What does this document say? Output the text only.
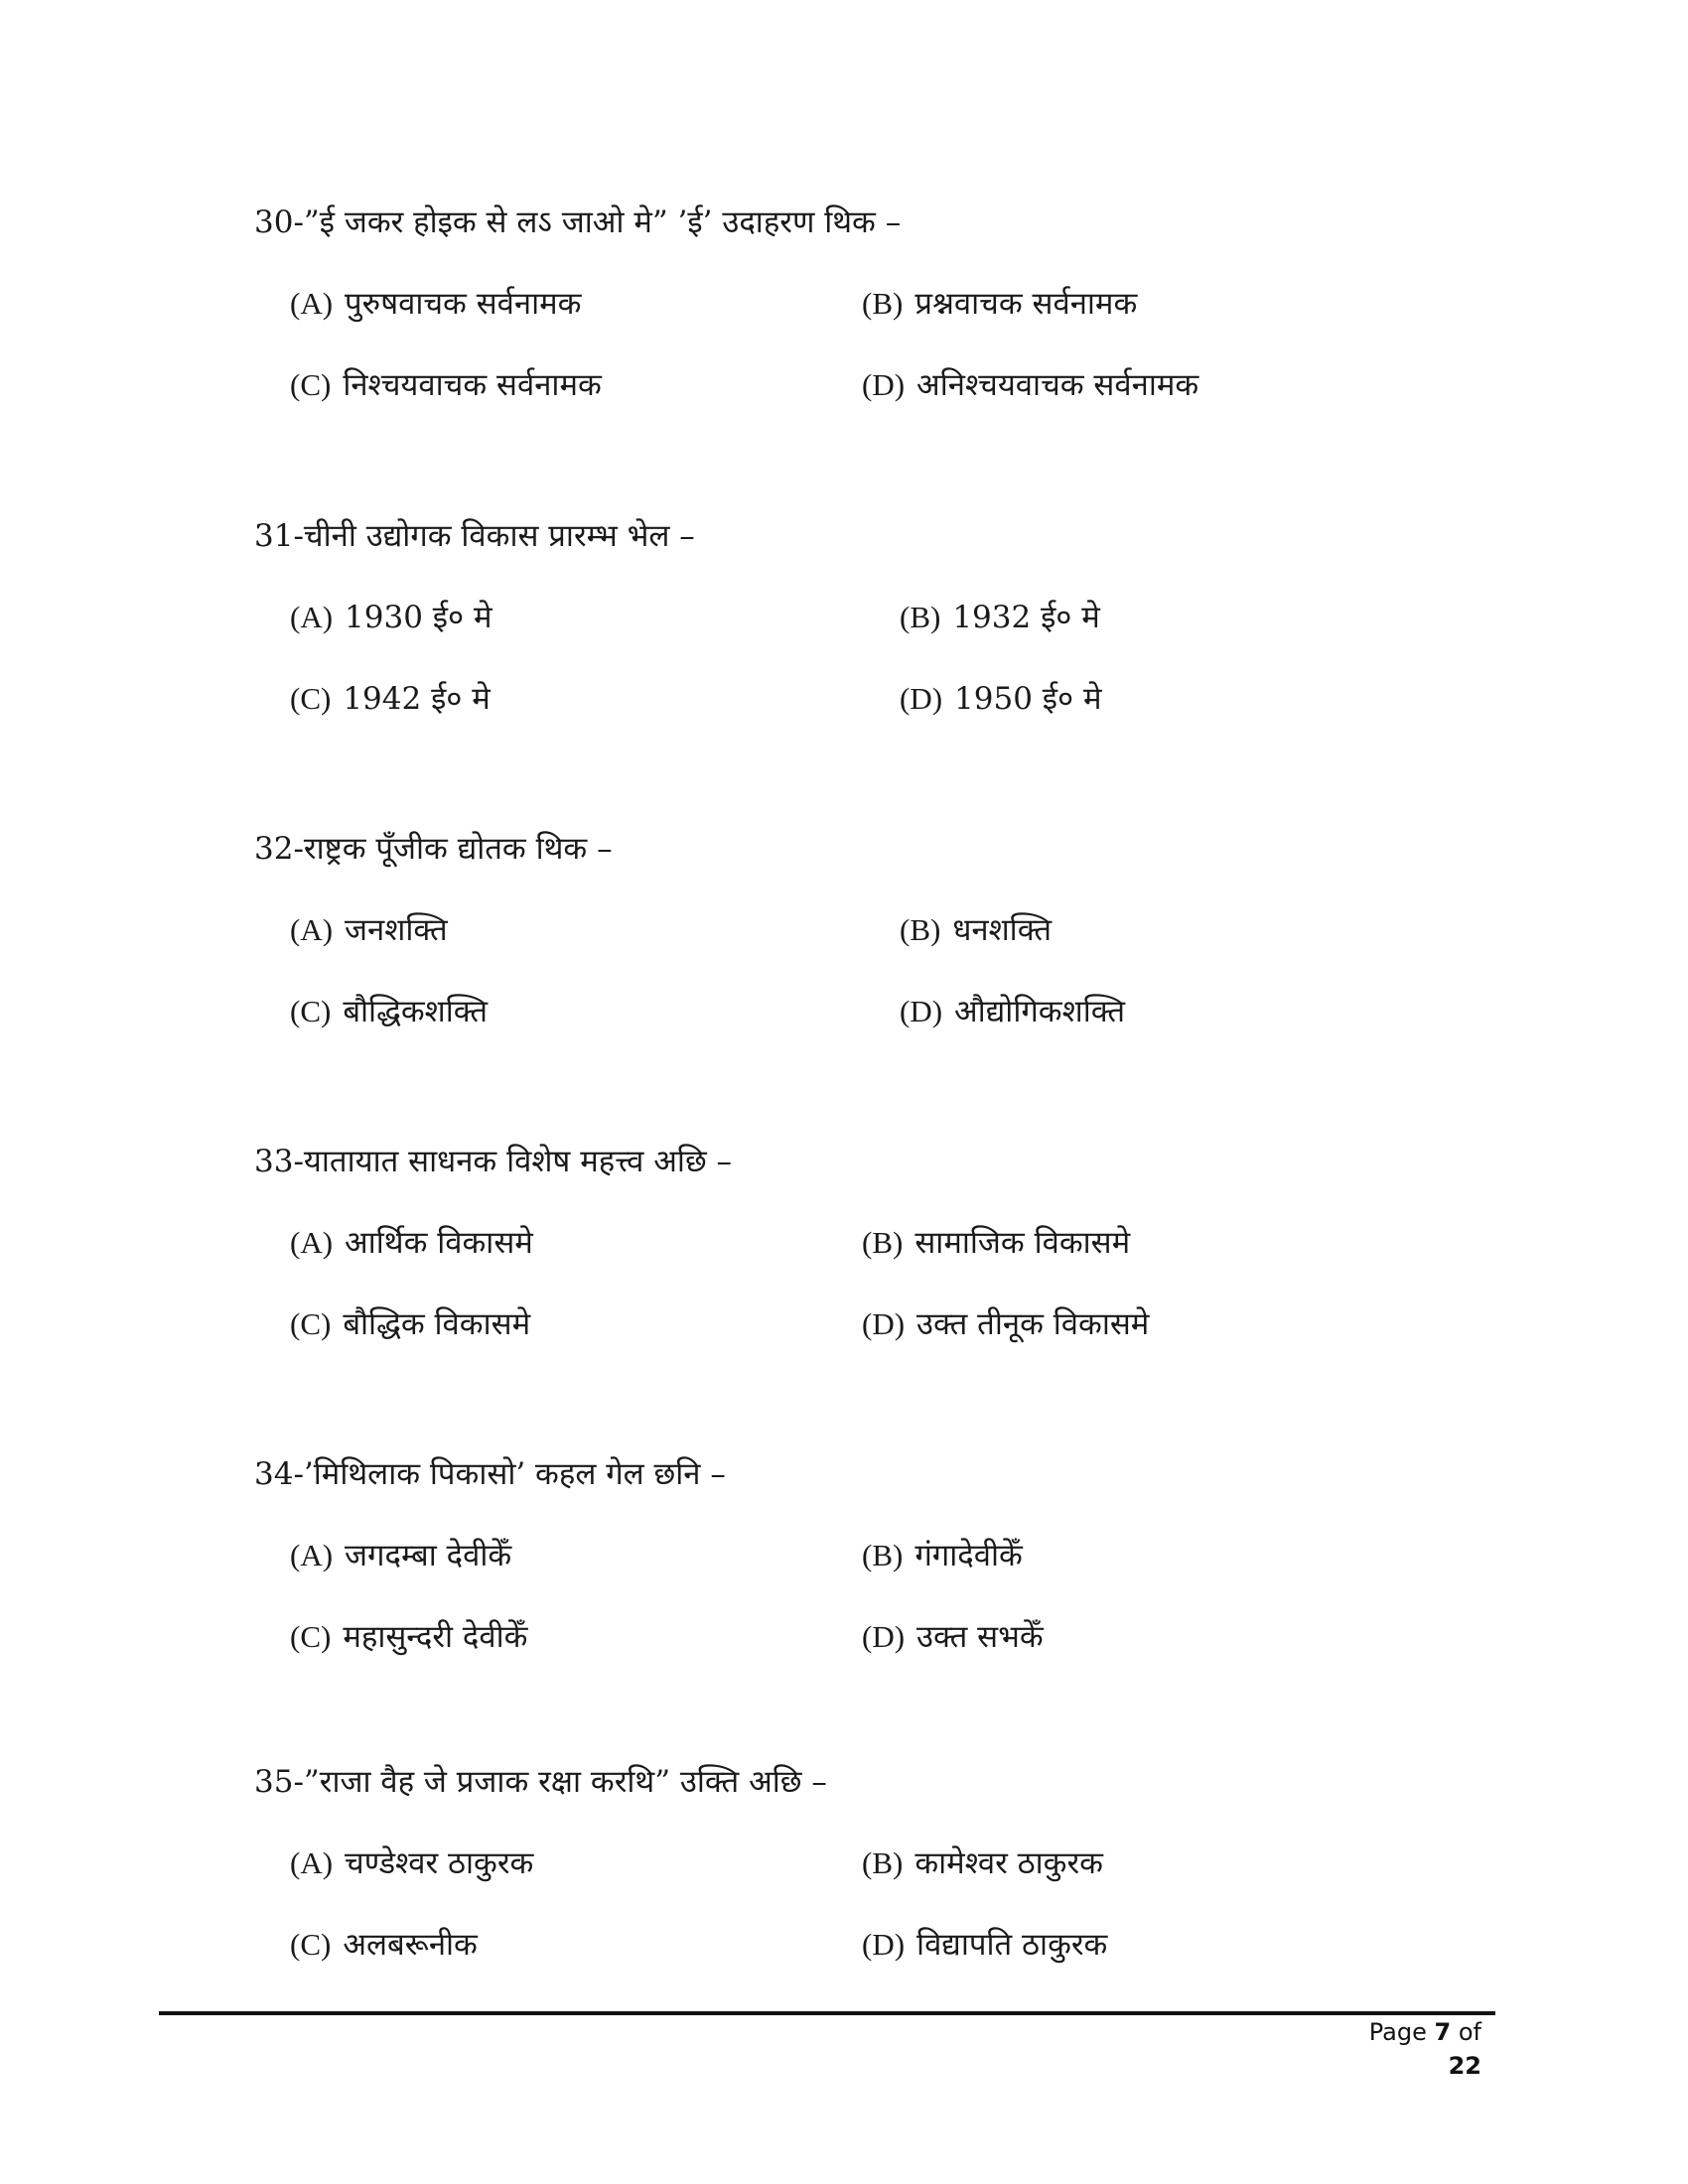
30-”ई जकर होइक से लऽ जाओ मे” ’ई’ उदाहरण थिक –
(A) पुरुषवाचक सर्वनामक	(B) प्रश्नवाचक सर्वनामक
(C) निश्चयवाचक सर्वनामक	(D) अनिश्चयवाचक सर्वनामक
31-चीनी उद्योगक विकास प्रारम्भ भेल –
(A) 1930 ई० मे	(B) 1932 ई० मे
(C) 1942 ई० मे	(D) 1950 ई० मे
32-राष्ट्रक पूँजीक द्योतक थिक –
(A) जनशक्ति	(B) धनशक्ति
(C) बौद्धिकशक्ति	(D) औद्योगिकशक्ति
33-यातायात साधनक विशेष महत्त्व अछि –
(A) आर्थिक विकासमे	(B) सामाजिक विकासमे
(C) बौद्धिक विकासमे	(D) उक्त तीनूक विकासमे
34-’मिथिलाक पिकासो’ कहल गेल छनि –
(A) जगदम्बा देवीकेँ	(B) गंगादेवीकेँ
(C) महासुन्दरी देवीकेँ	(D) उक्त सभकेँ
35-”राजा वैह जे प्रजाक रक्षा करथि” उक्ति अछि –
(A) चण्डेश्वर ठाकुरक	(B) कामेश्वर ठाकुरक
(C) अलबरूनीक	(D) विद्यापति ठाकुरक
Page 7 of 22
